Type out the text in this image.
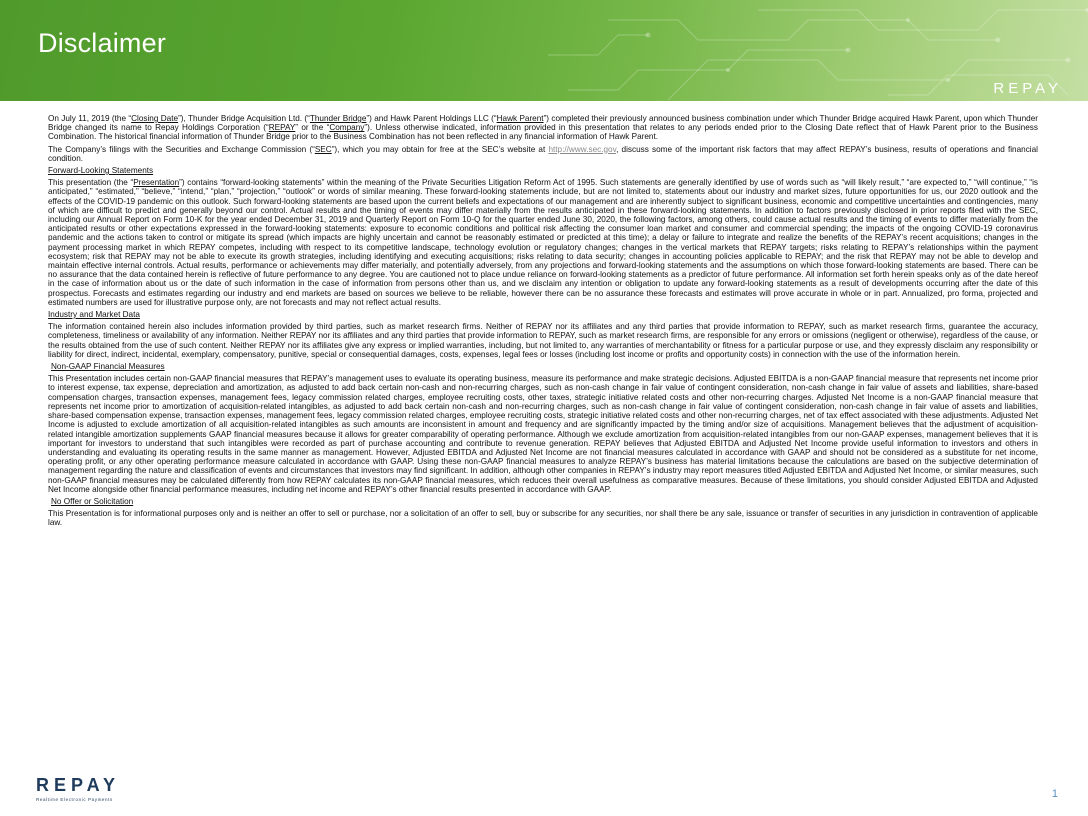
Disclaimer
REPAY

On July 11, 2019 (the “Closing Date”), Thunder Bridge Acquisition Ltd. (“Thunder Bridge”) and Hawk Parent Holdings LLC (“Hawk Parent”) completed their previously announced business combination under which Thunder Bridge acquired Hawk Parent, upon which Thunder Bridge changed its name to Repay Holdings Corporation (“REPAY” or the “Company”). Unless otherwise indicated, information provided in this presentation that relates to any periods ended prior to the Closing Date reflect that of Hawk Parent prior to the Business Combination. The historical financial information of Thunder Bridge prior to the Business Combination has not been reflected in any financial information of Hawk Parent.

The Company’s filings with the Securities and Exchange Commission (“SEC”), which you may obtain for free at the SEC’s website at http://www.sec.gov, discuss some of the important risk factors that may affect REPAY’s business, results of operations and financial condition.

Forward-Looking Statements

This presentation (the “Presentation”) contains “forward-looking statements” within the meaning of the Private Securities Litigation Reform Act of 1995. Such statements are generally identified by use of words such as “will likely result,” “are expected to,” “will continue,” “is anticipated,” “estimated,” “believe,” “intend,” “plan,” “projection,” “outlook” or words of similar meaning. These forward-looking statements include, but are not limited to, statements about our industry and market sizes, future opportunities for us, our 2020 outlook and the effects of the COVID-19 pandemic on this outlook. Such forward-looking statements are based upon the current beliefs and expectations of our management and are inherently subject to significant business, economic and competitive uncertainties and contingencies, many of which are difficult to predict and generally beyond our control. Actual results and the timing of events may differ materially from the results anticipated in these forward-looking statements. In addition to factors previously disclosed in prior reports filed with the SEC, including our Annual Report on Form 10-K for the year ended December 31, 2019 and Quarterly Report on Form 10-Q for the quarter ended June 30, 2020, the following factors, among others, could cause actual results and the timing of events to differ materially from the anticipated results or other expectations expressed in the forward-looking statements: exposure to economic conditions and political risk affecting the consumer loan market and consumer and commercial spending; the impacts of the ongoing COVID-19 coronavirus pandemic and the actions taken to control or mitigate its spread (which impacts are highly uncertain and cannot be reasonably estimated or predicted at this time); a delay or failure to integrate and realize the benefits of the REPAY’s recent acquisitions; changes in the payment processing market in which REPAY competes, including with respect to its competitive landscape, technology evolution or regulatory changes; changes in the vertical markets that REPAY targets; risks relating to REPAY’s relationships within the payment ecosystem; risk that REPAY may not be able to execute its growth strategies, including identifying and executing acquisitions; risks relating to data security; changes in accounting policies applicable to REPAY; and the risk that REPAY may not be able to develop and maintain effective internal controls. Actual results, performance or achievements may differ materially, and potentially adversely, from any projections and forward-looking statements and the assumptions on which those forward-looking statements are based. There can be no assurance that the data contained herein is reflective of future performance to any degree. You are cautioned not to place undue reliance on forward-looking statements as a predictor of future performance. All information set forth herein speaks only as of the date hereof in the case of information about us or the date of such information in the case of information from persons other than us, and we disclaim any intention or obligation to update any forward-looking statements as a result of developments occurring after the date of this prospectus. Forecasts and estimates regarding our industry and end markets are based on sources we believe to be reliable, however there can be no assurance these forecasts and estimates will prove accurate in whole or in part. Annualized, pro forma, projected and estimated numbers are used for illustrative purpose only, are not forecasts and may not reflect actual results.

Industry and Market Data

The information contained herein also includes information provided by third parties, such as market research firms. Neither of REPAY nor its affiliates and any third parties that provide information to REPAY, such as market research firms, guarantee the accuracy, completeness, timeliness or availability of any information. Neither REPAY nor its affiliates and any third parties that provide information to REPAY, such as market research firms, are responsible for any errors or omissions (negligent or otherwise), regardless of the cause, or the results obtained from the use of such content. Neither REPAY nor its affiliates give any express or implied warranties, including, but not limited to, any warranties of merchantability or fitness for a particular purpose or use, and they expressly disclaim any responsibility or liability for direct, indirect, incidental, exemplary, compensatory, punitive, special or consequential damages, costs, expenses, legal fees or losses (including lost income or profits and opportunity costs) in connection with the use of the information herein.

Non-GAAP Financial Measures

This Presentation includes certain non-GAAP financial measures that REPAY’s management uses to evaluate its operating business, measure its performance and make strategic decisions. Adjusted EBITDA is a non-GAAP financial measure that represents net income prior to interest expense, tax expense, depreciation and amortization, as adjusted to add back certain non-cash and non-recurring charges, such as non-cash change in fair value of contingent consideration, non-cash change in fair value of assets and liabilities, share-based compensation charges, transaction expenses, management fees, legacy commission related charges, employee recruiting costs, other taxes, strategic initiative related costs and other non-recurring charges. Adjusted Net Income is a non-GAAP financial measure that represents net income prior to amortization of acquisition-related intangibles, as adjusted to add back certain non-cash and non-recurring charges, such as non-cash change in fair value of contingent consideration, non-cash change in fair value of assets and liabilities, share-based compensation expense, transaction expenses, management fees, legacy commission related charges, employee recruiting costs, strategic initiative related costs and other non-recurring charges, net of tax effect associated with these adjustments. Adjusted Net Income is adjusted to exclude amortization of all acquisition-related intangibles as such amounts are inconsistent in amount and frequency and are significantly impacted by the timing and/or size of acquisitions. Management believes that the adjustment of acquisition-related intangible amortization supplements GAAP financial measures because it allows for greater comparability of operating performance. Although we exclude amortization from acquisition-related intangibles from our non-GAAP expenses, management believes that it is important for investors to understand that such intangibles were recorded as part of purchase accounting and contribute to revenue generation. REPAY believes that Adjusted EBITDA and Adjusted Net Income provide useful information to investors and others in understanding and evaluating its operating results in the same manner as management. However, Adjusted EBITDA and Adjusted Net Income are not financial measures calculated in accordance with GAAP and should not be considered as a substitute for net income, operating profit, or any other operating performance measure calculated in accordance with GAAP. Using these non-GAAP financial measures to analyze REPAY’s business has material limitations because the calculations are based on the subjective determination of management regarding the nature and classification of events and circumstances that investors may find significant. In addition, although other companies in REPAY’s industry may report measures titled Adjusted EBITDA and Adjusted Net Income, or similar measures, such non-GAAP financial measures may be calculated differently from how REPAY calculates its non-GAAP financial measures, which reduces their overall usefulness as comparative measures. Because of these limitations, you should consider Adjusted EBITDA and Adjusted Net Income alongside other financial performance measures, including net income and REPAY’s other financial results presented in accordance with GAAP.

No Offer or Solicitation

This Presentation is for informational purposes only and is neither an offer to sell or purchase, nor a solicitation of an offer to sell, buy or subscribe for any securities, nor shall there be any sale, issuance or transfer of securities in any jurisdiction in contravention of applicable law.

REPAY
Realtime Electronic Payments	1
